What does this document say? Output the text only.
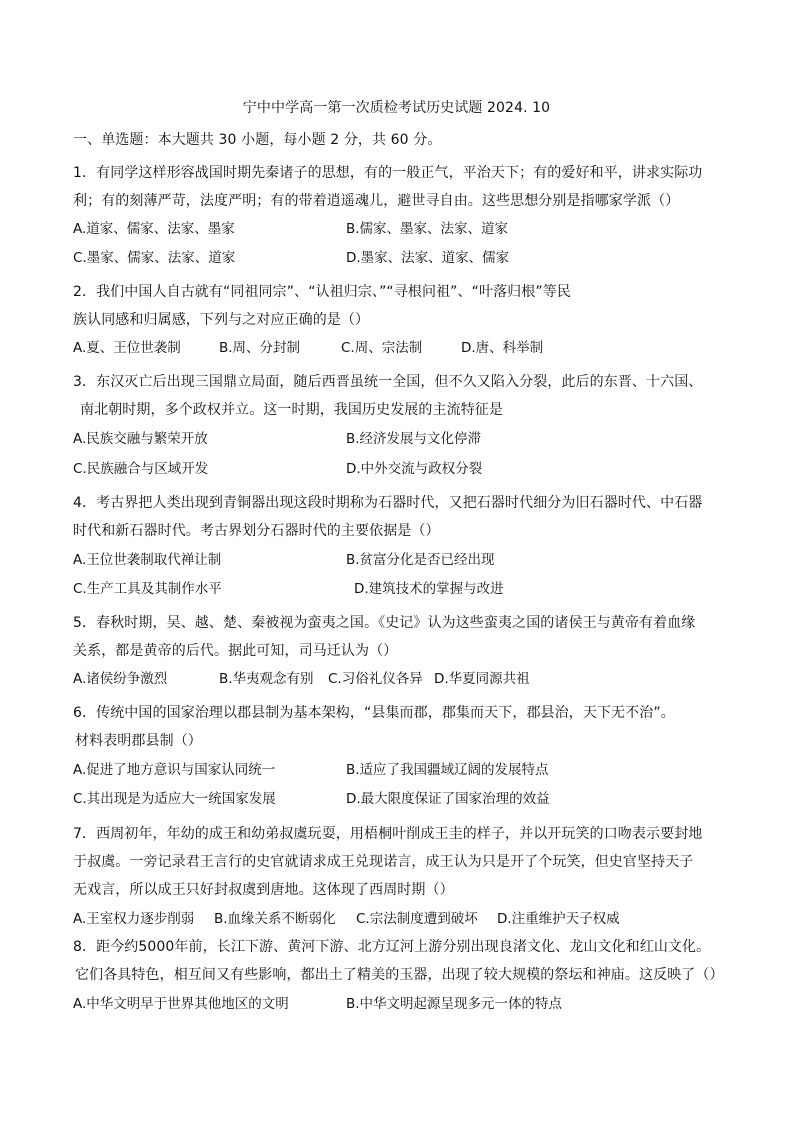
宁中中学高一第一次质检考试历史试题 2024. 10
一、单选题：本大题共 30 小题，每小题 2 分，共 60 分。
1．有同学这样形容战国时期先秦诸子的思想，有的一般正气，平治天下；有的爱好和平，讲求实际功
利；有的刻薄严苛，法度严明；有的带着逍遥魂儿，避世寻自由。这些思想分别是指哪家学派（）
A.道家、儒家、法家、墨家	B.儒家、墨家、法家、道家
C.墨家、儒家、法家、道家	D.墨家、法家、道家、儒家
2．我们中国人自古就有“同祖同宗”、“认祖归宗、”“寻根问祖”、“叶落归根”等民
族认同感和归属感，下列与之对应正确的是（）
A.夏、王位世袭制	B.周、分封制	C.周、宗法制	D.唐、科举制
3．东汉灭亡后出现三国鼎立局面，随后西晋虽统一全国，但不久又陷入分裂，此后的东晋、十六国、
南北朝时期，多个政权并立。这一时期，我国历史发展的主流特征是
A.民族交融与繁荣开放	B.经济发展与文化停滞
C.民族融合与区域开发	D.中外交流与政权分裂
4．考古界把人类出现到青铜器出现这段时期称为石器时代，又把石器时代细分为旧石器时代、中石器
时代和新石器时代。考古界划分石器时代的主要依据是（）
A.王位世袭制取代禅让制	B.贫富分化是否已经出现
C.生产工具及其制作水平	D.建筑技术的掌握与改进
5．春秋时期，吴、越、楚、秦被视为蛮夷之国。《史记》认为这些蛮夷之国的诸侯王与黄帝有着血缘
关系，都是黄帝的后代。据此可知，司马迁认为（）
A.诸侯纷争激烈	B.华夷观念有别 C.习俗礼仪各异 D.华夏同源共祖
6．传统中国的国家治理以郡县制为基本架构，“县集而郡，郡集而天下，郡县治，天下无不治”。
材料表明郡县制（）
A.促进了地方意识与国家认同统一	B.适应了我国疆域辽阔的发展特点
C.其出现是为适应大一统国家发展	D.最大限度保证了国家治理的效益
7．西周初年，年幼的成王和幼弟叔虞玩耍，用梧桐叶削成王圭的样子，并以开玩笑的口吻表示要封地
于叔虞。一旁记录君王言行的史官就请求成王兑现诺言，成王认为只是开了个玩笑，但史官坚持天子
无戏言，所以成王只好封叔虞到唐地。这体现了西周时期（）
A.王室权力逐步削弱 B.血缘关系不断弱化 C.宗法制度遭到破坏 D.注重维护天子权威
8．距今约5000年前，长江下游、黄河下游、北方辽河上游分别出现良渚文化、龙山文化和红山文化。
它们各具特色，相互间又有些影响，都出土了精美的玉器，出现了较大规模的祭坛和神庙。这反映了（）
A.中华文明早于世界其他地区的文明	B.中华文明起源呈现多元一体的特点
